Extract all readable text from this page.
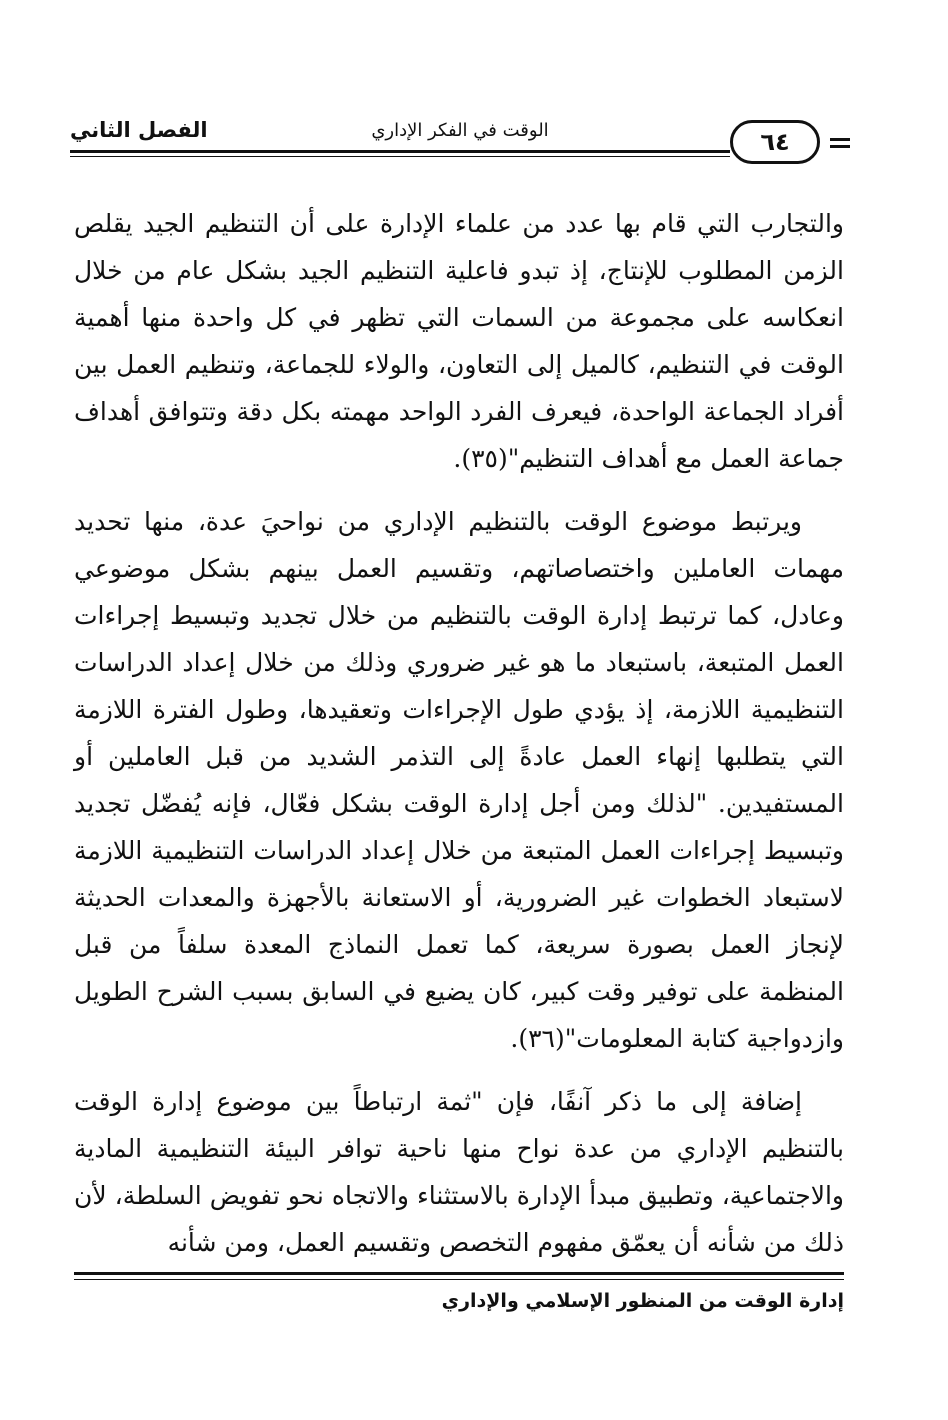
الفصل الثاني	الوقت في الفكر الإداري	٦٤

والتجارب التي قام بها عدد من علماء الإدارة على أن التنظيم الجيد يقلص الزمن المطلوب للإنتاج، إذ تبدو فاعلية التنظيم الجيد بشكل عام من خلال انعكاسه على مجموعة من السمات التي تظهر في كل واحدة منها أهمية الوقت في التنظيم، كالميل إلى التعاون، والولاء للجماعة، وتنظيم العمل بين أفراد الجماعة الواحدة، فيعرف الفرد الواحد مهمته بكل دقة وتتوافق أهداف جماعة العمل مع أهداف التنظيم"(٣٥).

ويرتبط موضوع الوقت بالتنظيم الإداري من نواحيَ عدة، منها تحديد مهمات العاملين واختصاصاتهم، وتقسيم العمل بينهم بشكل موضوعي وعادل، كما ترتبط إدارة الوقت بالتنظيم من خلال تجديد وتبسيط إجراءات العمل المتبعة، باستبعاد ما هو غير ضروري وذلك من خلال إعداد الدراسات التنظيمية اللازمة، إذ يؤدي طول الإجراءات وتعقيدها، وطول الفترة اللازمة التي يتطلبها إنهاء العمل عادةً إلى التذمر الشديد من قبل العاملين أو المستفيدين. "لذلك ومن أجل إدارة الوقت بشكل فعّال، فإنه يُفضّل تجديد وتبسيط إجراءات العمل المتبعة من خلال إعداد الدراسات التنظيمية اللازمة لاستبعاد الخطوات غير الضرورية، أو الاستعانة بالأجهزة والمعدات الحديثة لإنجاز العمل بصورة سريعة، كما تعمل النماذج المعدة سلفاً من قبل المنظمة على توفير وقت كبير، كان يضيع في السابق بسبب الشرح الطويل وازدواجية كتابة المعلومات"(٣٦).

إضافة إلى ما ذكر آنفًا، فإن "ثمة ارتباطاً بين موضوع إدارة الوقت بالتنظيم الإداري من عدة نواح منها ناحية توافر البيئة التنظيمية المادية والاجتماعية، وتطبيق مبدأ الإدارة بالاستثناء والاتجاه نحو تفويض السلطة، لأن ذلك من شأنه أن يعمّق مفهوم التخصص وتقسيم العمل، ومن شأنه

إدارة الوقت من المنظور الإسلامي والإداري
